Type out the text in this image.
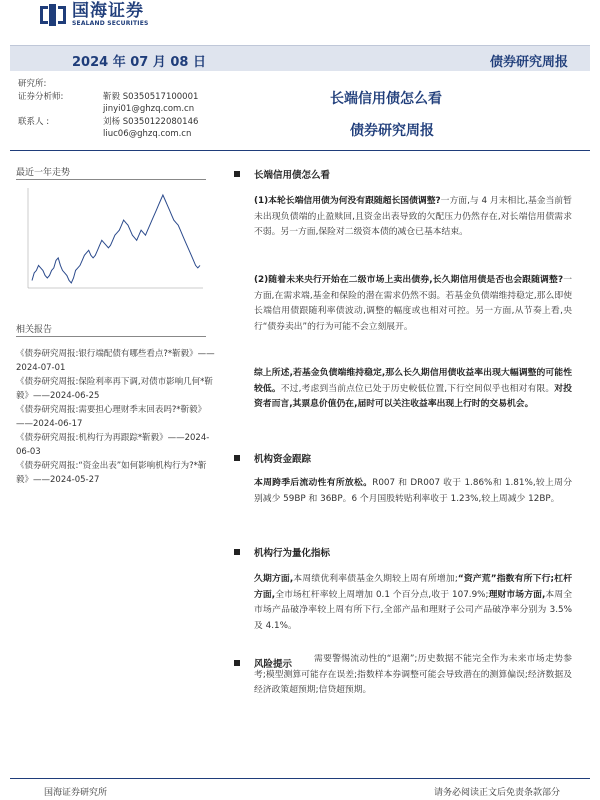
国海证券
SEALAND SECURITIES
2024 年 07 月 08 日	债券研究周报
研究所:
证券分析师:	靳毅 S0350517100001
jinyi01@ghzq.com.cn
联系人 :	刘杨 S0350122080146
liuc06@ghzq.com.cn
长端信用债怎么看
债券研究周报
最近一年走势
相关报告
《债券研究周报:银行端配债有哪些看点?*靳毅》——2024-07-01
《债券研究周报:保险利率再下调,对债市影响几何*靳毅》——2024-06-25
《债券研究周报:需要担心理财季末回表吗?*靳毅》——2024-06-17
《债券研究周报:机构行为再跟踪*靳毅》——2024-06-03
《债券研究周报:“资金出表”如何影响机构行为?*靳毅》——2024-05-27
长端信用债怎么看
(1)本轮长端信用债为何没有跟随超长国债调整?一方面,与 4 月末相比,基金当前暂未出现负债端的止盈赎回,且资金出表导致的欠配压力仍然存在,对长端信用债需求不弱。另一方面,保险对二级资本债的减仓已基本结束。
(2)随着未来央行开始在二级市场上卖出债券,长久期信用债是否也会跟随调整?一方面,在需求端,基金和保险的潜在需求仍然不弱。若基金负债端维持稳定,那么即使长端信用债跟随利率债波动,调整的幅度或也相对可控。另一方面,从节奏上看,央行“债券卖出”的行为可能不会立刻展开。
综上所述,若基金负债端维持稳定,那么长久期信用债收益率出现大幅调整的可能性较低。不过,考虑到当前点位已处于历史較低位置,下行空间似乎也相对有限。对投资者而言,其票息价值仍在,届时可以关注收益率出现上行时的交易机会。
机构资金跟踪
本周跨季后流动性有所放松。R007 和 DR007 收于 1.86%和 1.81%,较上周分别减少 59BP 和 36BP。6 个月国股转贴利率收于 1.23%,较上周减少 12BP。
机构行为量化指标
久期方面,本周绩优利率债基金久期较上周有所增加;“资产荒”指数有所下行;杠杆方面,全市场杠杆率较上周增加 0.1 个百分点,收于 107.9%;理财市场方面,本周全市场产品破净率较上周有所下行,全部产品和理财子公司产品破净率分别为 3.5%及 4.1%。
风险提示	需要警惕流动性的“退潮”;历史数据不能完全作为未来市场走势参考;模型测算可能存在误差;指数样本券调整可能会导致潜在的测算偏误;经济数据及经济政策超预期;信贷超预期。
国海证券研究所	请务必阅读正文后免责条款部分
